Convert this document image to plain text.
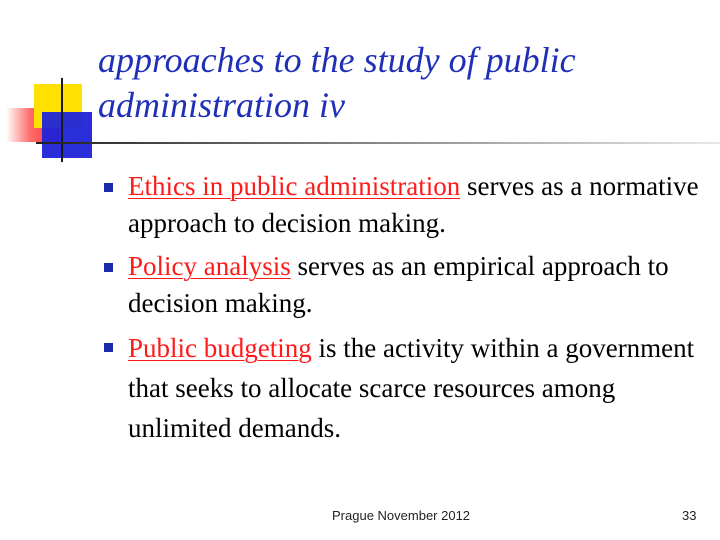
approaches to the study of public administration iv
Ethics in public administration serves as a normative approach to decision making.
Policy analysis serves as an empirical approach to decision making.
Public budgeting is the activity within a government that seeks to allocate scarce resources among unlimited demands.
Prague November 2012	33
